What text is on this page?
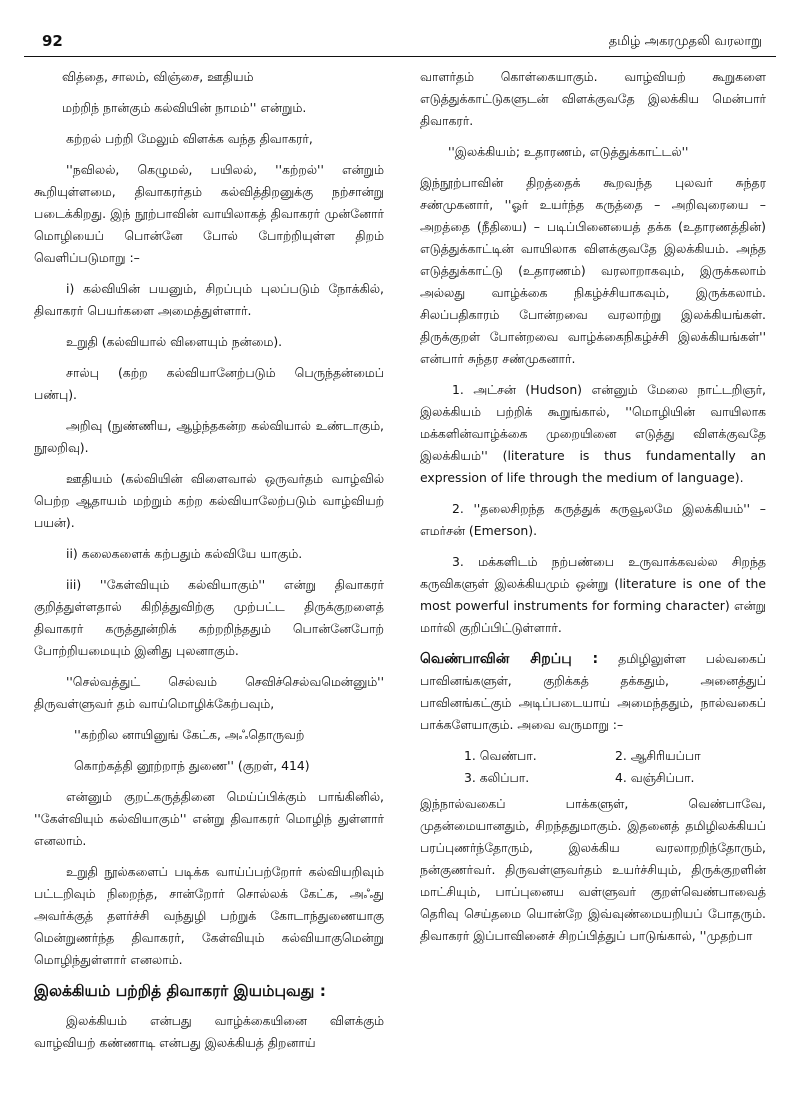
92	தமிழ் அகரமுதலி வரலாறு

வித்தை, சாலம், விஞ்சை, ஊதியம்

மற்றிந் நான்கும் கல்வியின் நாமம்'' என்றும்.

கற்றல் பற்றி மேலும் விளக்க வந்த திவாகரர்,

''நவிலல், கெழுமல், பயிலல், ''கற்றல்'' என்றும் கூறியுள்ளமை, திவாகரர்தம் கல்வித்திறனுக்கு நற்சான்று படைக்கிறது. இந் நூற்பாவின் வாயிலாகத் திவாகரர் முன்னோர் மொழியைப் பொன்னே போல் போற்றியுள்ள திறம் வெளிப்படுமாறு :–

i) கல்வியின் பயனும், சிறப்பும் புலப்படும் நோக்கில், திவாகரர் பெயர்களை அமைத்துள்ளார்.

உறுதி (கல்வியால் விளையும் நன்மை).

சால்பு (கற்ற கல்வியானேற்படும் பெருந்தன்மைப் பண்பு).

அறிவு (நுண்ணிய, ஆழ்ந்தகன்ற கல்வியால் உண்டாகும், நூலறிவு).

ஊதியம் (கல்வியின் விளைவால் ஒருவர்தம் வாழ்வில் பெற்ற ஆதாயம் மற்றும் கற்ற கல்வியாலேற்படும் வாழ்வியற் பயன்).

ii) கலைகளைக் கற்பதும் கல்வியே யாகும்.

iii) ''கேள்வியும் கல்வியாகும்'' என்று திவாகரர் குறித்துள்ளதால் கிறித்துவிற்கு முற்பட்ட திருக்குறளைத் திவாகரர் கருத்தூன்றிக் கற்றறிந்ததும் பொன்னேபோற் போற்றியமையும் இனிது புலனாகும்.

''செல்வத்துட் செல்வம் செவிச்செல்வமென்னும்'' திருவள்ளுவர் தம் வாய்மொழிக்கேற்பவும்,

''கற்றில னாயினுங் கேட்க, அஃதொருவற்

கொற்கத்தி னூற்றாந் துணை'' (குறள், 414)

என்னும் குறட்கருத்தினை மெய்ப்பிக்கும் பாங்கினில், ''கேள்வியும் கல்வியாகும்'' என்று திவாகரர் மொழிந் துள்ளார் எனலாம்.

உறுதி நூல்களைப் படிக்க வாய்ப்பற்றோர் கல்வியறிவும் பட்டறிவும் நிறைந்த, சான்றோர் சொல்லக் கேட்க, அஃது அவர்க்குத் தளர்ச்சி வந்துழி பற்றுக் கோடாந்துணையாகு மென்றுணர்ந்த திவாகரர், கேள்வியும் கல்வியாகுமென்று மொழிந்துள்ளார் எனலாம்.

இலக்கியம் பற்றித் திவாகரர் இயம்புவது :

இலக்கியம் என்பது வாழ்க்கையினை விளக்கும் வாழ்வியற் கண்ணாடி என்பது இலக்கியத் திறனாய்

வாளர்தம் கொள்கையாகும். வாழ்வியற் கூறுகளை எடுத்துக்காட்டுகளுடன் விளக்குவதே இலக்கிய மென்பார் திவாகரர்.

''இலக்கியம்; உதாரணம், எடுத்துக்காட்டல்''

இந்நூற்பாவின் திறத்தைக் கூறவந்த புலவர் சுந்தர சண்முகனார், ''ஓர் உயர்ந்த கருத்தை – அறிவுரையை – அறத்தை (நீதியை) – படிப்பினையைத் தக்க (உதாரணத்தின்) எடுத்துக்காட்டின் வாயிலாக விளக்குவதே இலக்கியம். அந்த எடுத்துக்காட்டு (உதாரணம்) வரலாறாகவும், இருக்கலாம் அல்லது வாழ்க்கை நிகழ்ச்சியாகவும், இருக்கலாம். சிலப்பதிகாரம் போன்றவை வரலாற்று இலக்கியங்கள். திருக்குறள் போன்றவை வாழ்க்கைநிகழ்ச்சி இலக்கியங்கள்'' என்பார் சுந்தர சண்முகனார்.

1. அட்சன் (Hudson) என்னும் மேலை நாட்டறிஞர், இலக்கியம் பற்றிக் கூறுங்கால், ''மொழியின் வாயிலாக மக்களின்வாழ்க்கை முறையினை எடுத்து விளக்குவதே இலக்கியம்'' (literature is thus fundamentally an expression of life through the medium of language).

2. ''தலைசிறந்த கருத்துக் கருவூலமே இலக்கியம்'' – எமர்சன் (Emerson).

3. மக்களிடம் நற்பண்பை உருவாக்கவல்ல சிறந்த கருவிகளுள் இலக்கியமும் ஒன்று (literature is one of the most powerful instruments for forming character) என்று மார்லி குறிப்பிட்டுள்ளார்.

வெண்பாவின் சிறப்பு : தமிழிலுள்ள பல்வகைப் பாவினங்களுள், குறிக்கத் தக்கதும், அனைத்துப் பாவினங்கட்கும் அடிப்படையாய் அமைந்ததும், நால்வகைப் பாக்களேயாகும். அவை வருமாறு :–

1. வெண்பா.	2. ஆசிரியப்பா
3. கலிப்பா.	4. வஞ்சிப்பா.

இந்நால்வகைப் பாக்களுள், வெண்பாவே, முதன்மையானதும், சிறந்ததுமாகும். இதனைத் தமிழிலக்கியப் பரப்புணர்ந்தோரும், இலக்கிய வரலாறறிந்தோரும், நன்குணர்வர். திருவள்ளுவர்தம் உயர்ச்சியும், திருக்குறளின் மாட்சியும், பாப்புனைய வள்ளுவர் குறள்வெண்பாவைத் தெரிவு செய்தமை யொன்றே இவ்வுண்மையறியப் போதரும். திவாகரர் இப்பாவினைச் சிறப்பித்துப் பாடுங்கால், ''முதற்பா
